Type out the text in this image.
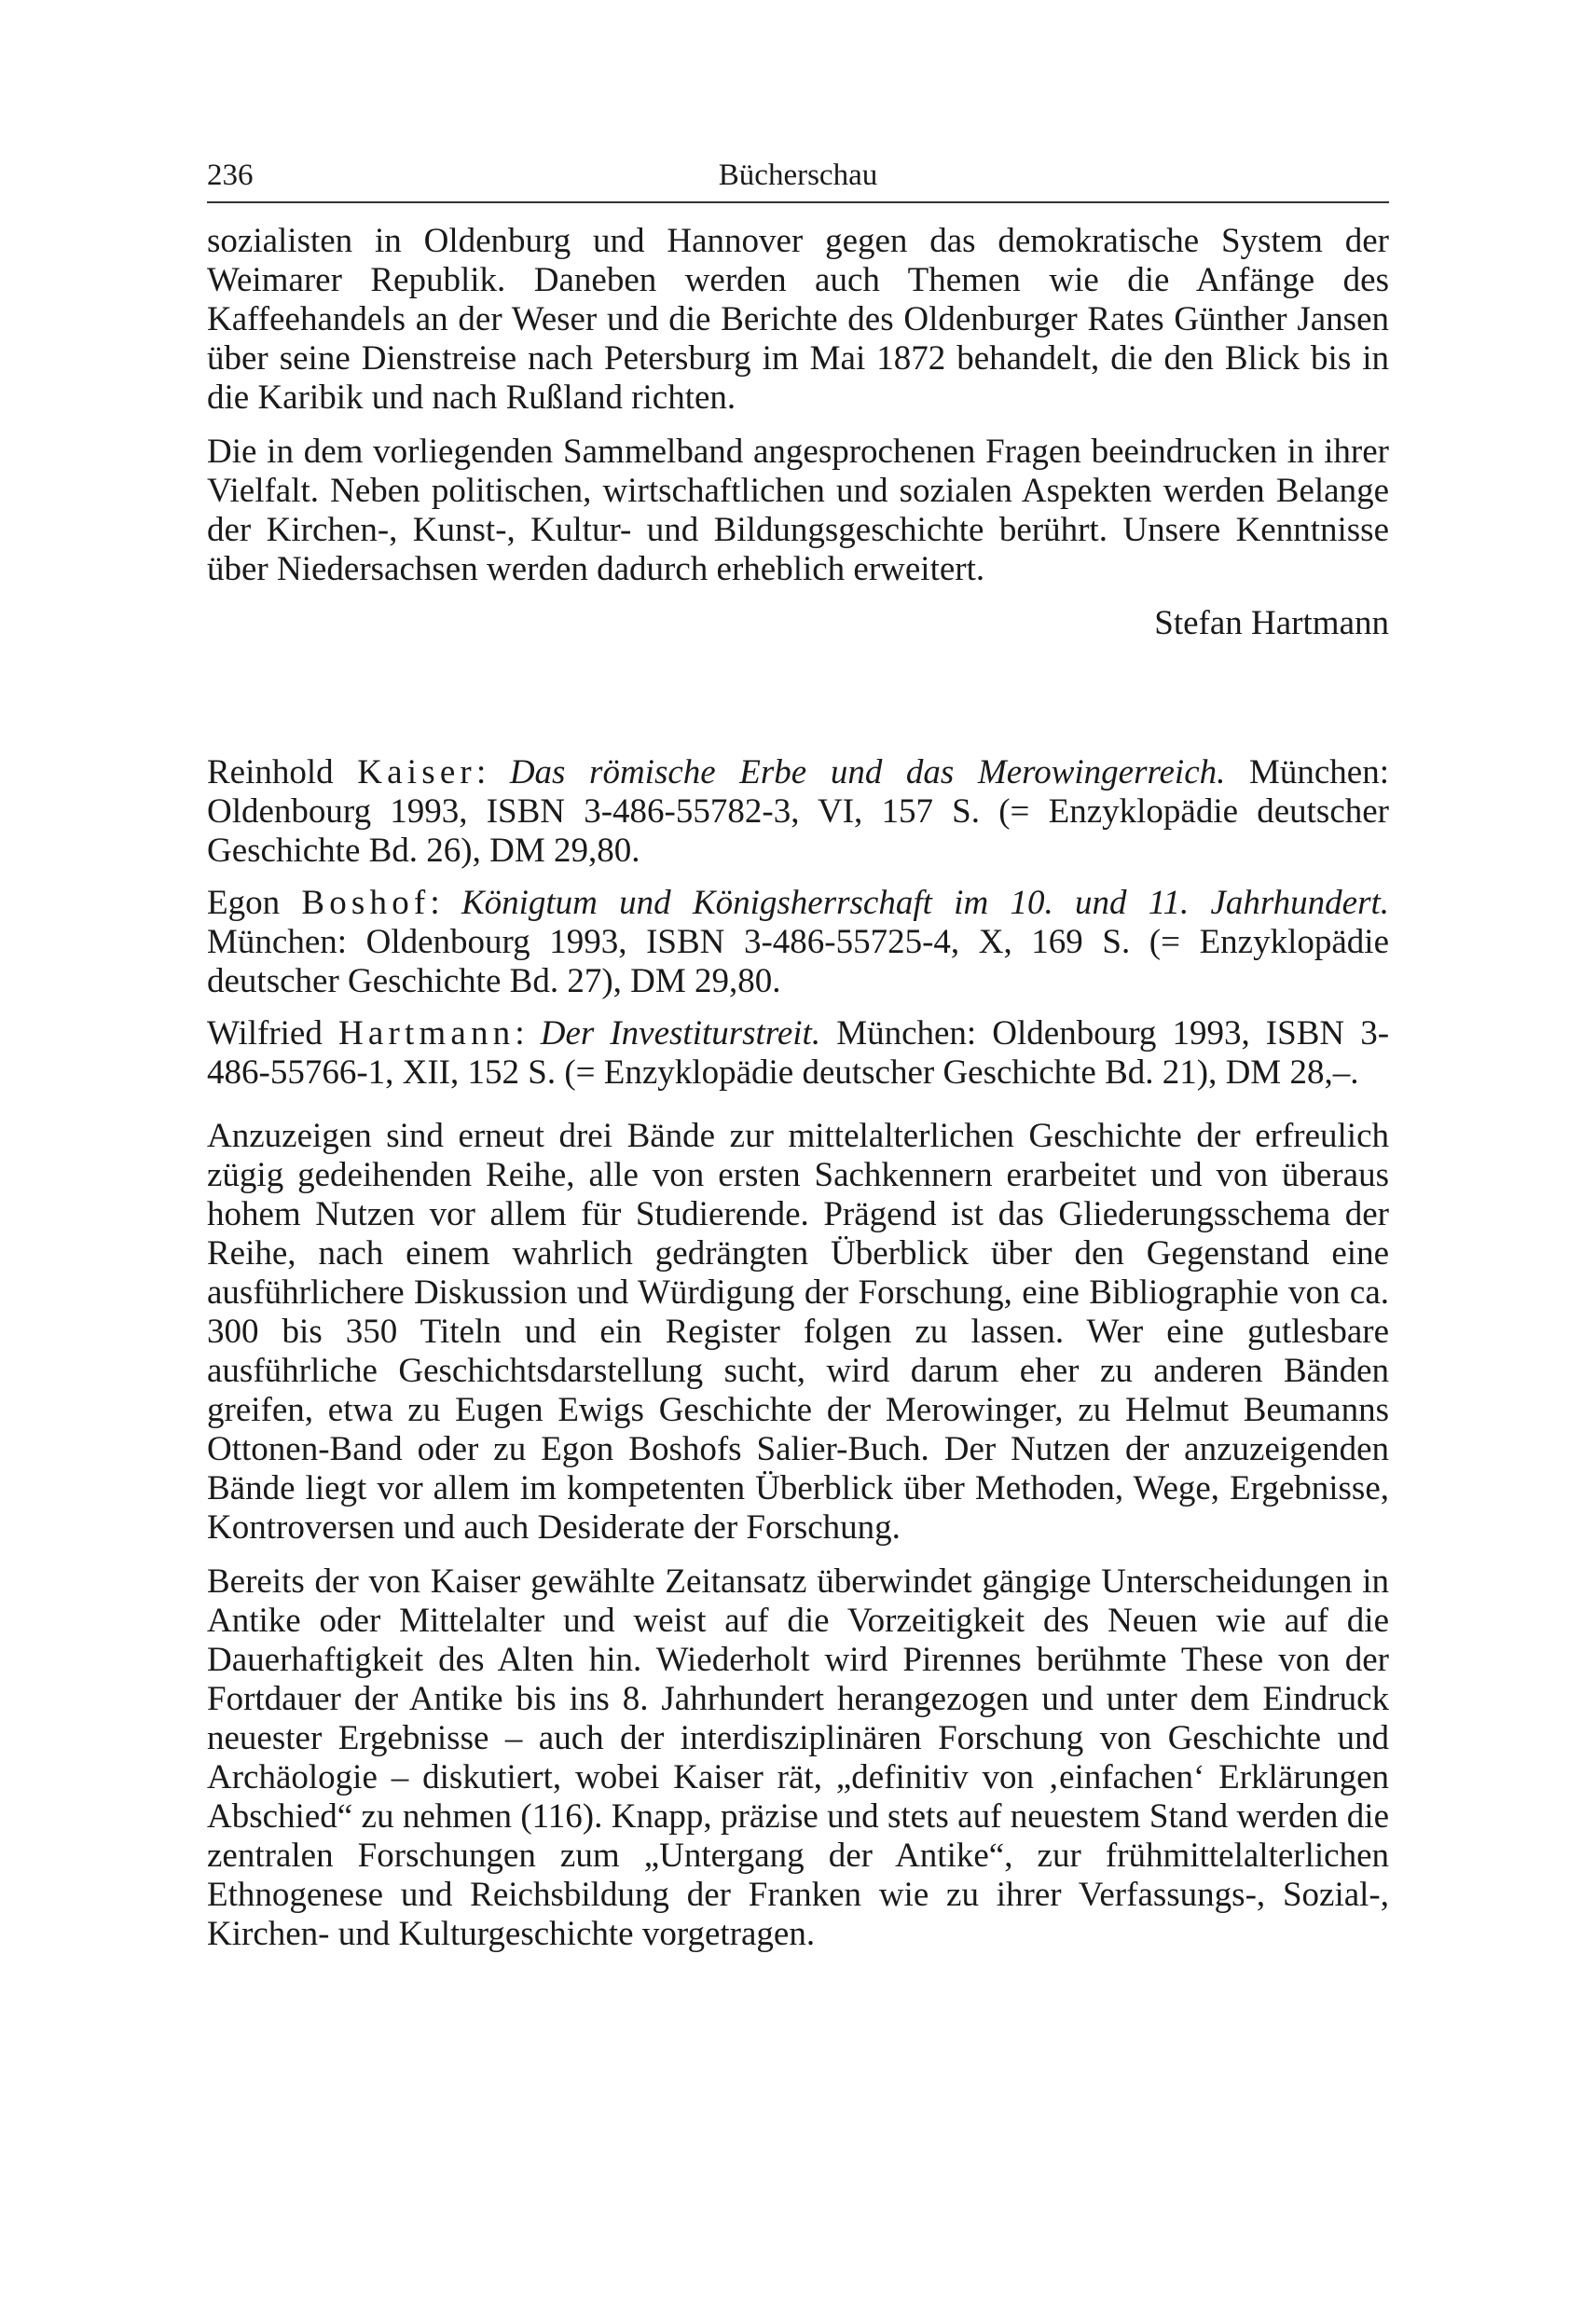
236	Bücherschau

sozialisten in Oldenburg und Hannover gegen das demokratische System der Weimarer Republik. Daneben werden auch Themen wie die Anfänge des Kaffeehandels an der Weser und die Berichte des Oldenburger Rates Günther Jansen über seine Dienstreise nach Petersburg im Mai 1872 behandelt, die den Blick bis in die Karibik und nach Rußland richten.

Die in dem vorliegenden Sammelband angesprochenen Fragen beeindrucken in ihrer Vielfalt. Neben politischen, wirtschaftlichen und sozialen Aspekten werden Belange der Kirchen-, Kunst-, Kultur- und Bildungsgeschichte berührt. Unsere Kenntnisse über Niedersachsen werden dadurch erheblich erweitert.

Stefan Hartmann

Reinhold Kaiser: Das römische Erbe und das Merowingerreich. München: Oldenbourg 1993, ISBN 3-486-55782-3, VI, 157 S. (= Enzyklopädie deutscher Geschichte Bd. 26), DM 29,80.

Egon Boshof: Königtum und Königsherrschaft im 10. und 11. Jahrhundert. München: Oldenbourg 1993, ISBN 3-486-55725-4, X, 169 S. (= Enzyklopädie deutscher Geschichte Bd. 27), DM 29,80.

Wilfried Hartmann: Der Investiturstreit. München: Oldenbourg 1993, ISBN 3-486-55766-1, XII, 152 S. (= Enzyklopädie deutscher Geschichte Bd. 21), DM 28,–.

Anzuzeigen sind erneut drei Bände zur mittelalterlichen Geschichte der erfreulich zügig gedeihenden Reihe, alle von ersten Sachkennern erarbeitet und von überaus hohem Nutzen vor allem für Studierende. Prägend ist das Gliederungsschema der Reihe, nach einem wahrlich gedrängten Überblick über den Gegenstand eine ausführlichere Diskussion und Würdigung der Forschung, eine Bibliographie von ca. 300 bis 350 Titeln und ein Register folgen zu lassen. Wer eine gutlesbare ausführliche Geschichtsdarstellung sucht, wird darum eher zu anderen Bänden greifen, etwa zu Eugen Ewigs Geschichte der Merowinger, zu Helmut Beumanns Ottonen-Band oder zu Egon Boshofs Salier-Buch. Der Nutzen der anzuzeigenden Bände liegt vor allem im kompetenten Überblick über Methoden, Wege, Ergebnisse, Kontroversen und auch Desiderate der Forschung.

Bereits der von Kaiser gewählte Zeitansatz überwindet gängige Unterscheidungen in Antike oder Mittelalter und weist auf die Vorzeitigkeit des Neuen wie auf die Dauerhaftigkeit des Alten hin. Wiederholt wird Pirennes berühmte These von der Fortdauer der Antike bis ins 8. Jahrhundert herangezogen und unter dem Eindruck neuester Ergebnisse – auch der interdisziplinären Forschung von Geschichte und Archäologie – diskutiert, wobei Kaiser rät, „definitiv von ‚einfachen‘ Erklärungen Abschied“ zu nehmen (116). Knapp, präzise und stets auf neuestem Stand werden die zentralen Forschungen zum „Untergang der Antike“, zur frühmittelalterlichen Ethnogenese und Reichsbildung der Franken wie zu ihrer Verfassungs-, Sozial-, Kirchen- und Kulturgeschichte vorgetragen.
